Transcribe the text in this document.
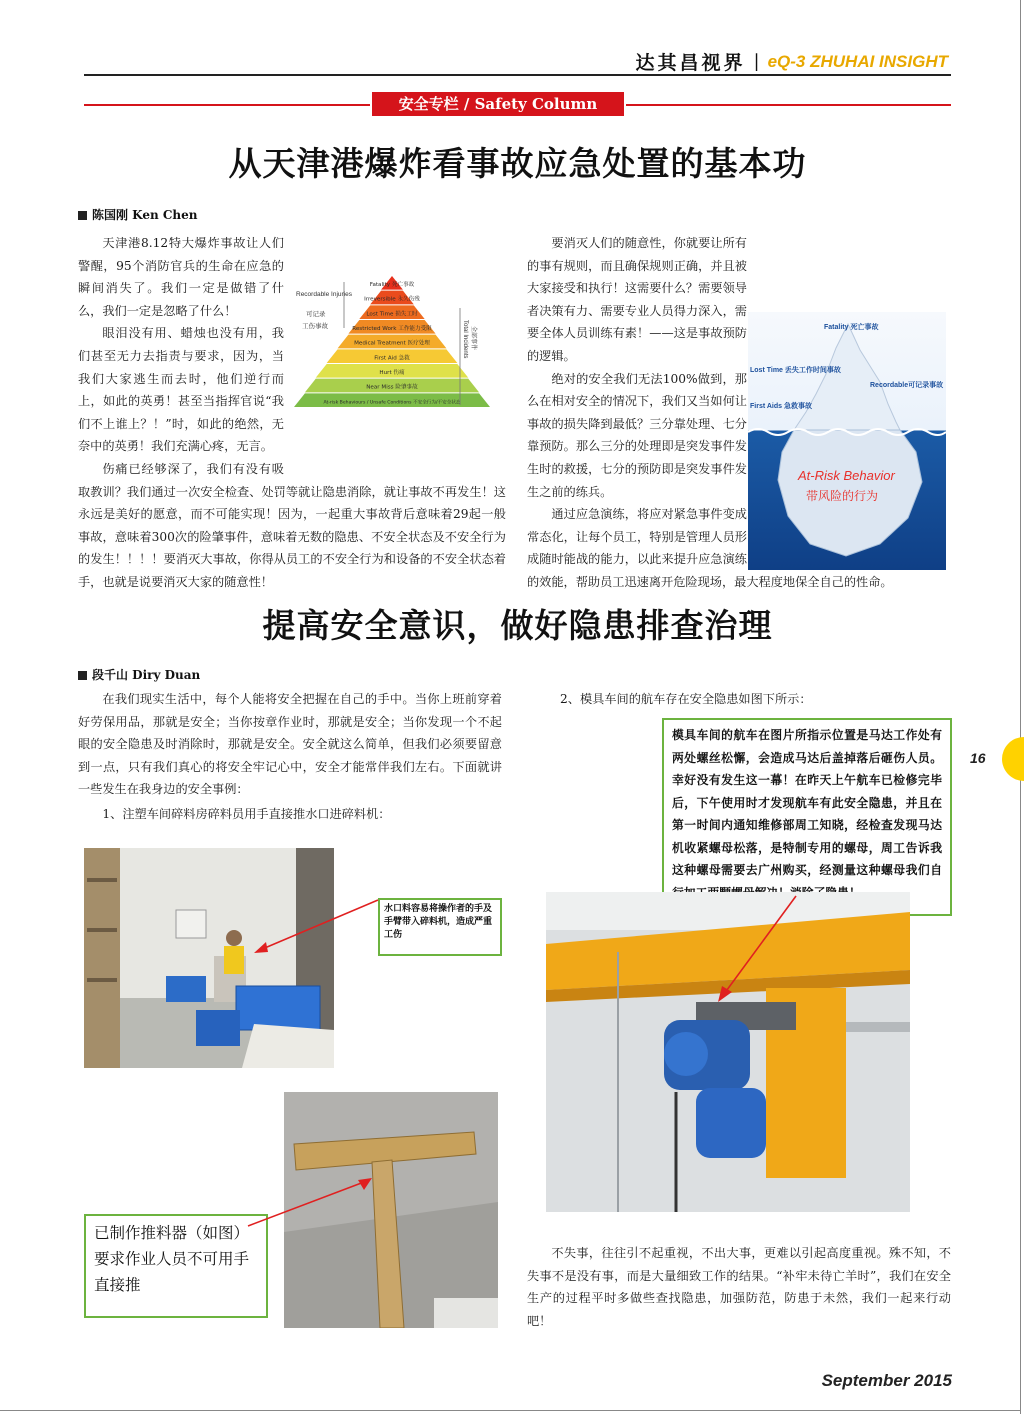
达其昌视界 | eQ-3 ZHUHAI INSIGHT
安全专栏 / Safety Column
从天津港爆炸看事故应急处置的基本功
陈国刚 Ken Chen
Fatality 死亡事故
Irreversible 永久伤残
Lost Time 损失工时
Restricted Work 工作能力受限
Medical Treatment 医疗处理
First Aid 急救
Hurt 伤痛
Near Miss 险肇事故
At-risk Behaviours / Unsafe Conditions 不安全行为/不安全状态
Recordable Injuries
可记录
工伤事故	Total Incidents 全部事件

天津港8.12特大爆炸事故让人们警醒，95个消防官兵的生命在应急的瞬间消失了。我们一定是做错了什么，我们一定是忽略了什么！

眼泪没有用、蜡烛也没有用，我们甚至无力去指责与要求，因为，当我们大家逃生而去时，他们逆行而上，如此的英勇！甚至当指挥官说“我们不上谁上？！”时，如此的绝然，无奈中的英勇！我们充满心疼，无言。

伤痛已经够深了，我们有没有吸取教训？我们通过一次安全检查、处罚等就让隐患消除，就让事故不再发生！这永远是美好的愿意，而不可能实现！因为，一起重大事故背后意味着29起一般事故，意味着300次的险肇事件，意味着无数的隐患、不安全状态及不安全行为的发生！！！！要消灭大事故，你得从员工的不安全行为和设备的不安全状态着手，也就是说要消灭大家的随意性！

要消灭人们的随意性，你就要让所有的事有规则，而且确保规则正确，并且被大家接受和执行！这需要什么？需要领导者决策有力、需要专业人员得力深入，需要全体人员训练有素！——这是事故预防的逻辑。

绝对的安全我们无法100%做到，那么在相对安全的情况下，我们又当如何让事故的损失降到最低？三分靠处理、七分靠预防。那么三分的处理即是突发事件发生时的救援，七分的预防即是突发事件发生之前的练兵。

通过应急演练，将应对紧急事件变成常态化，让每个员工，特别是管理人员形成随时能战的能力，以此来提升应急演练的效能，帮助员工迅速离开危险现场，最大程度地保全自己的性命。

Fatality 死亡事故
Lost Time 丢失工作时间事故
Recordable可记录事故
First Aids 急救事故
At-Risk Behavior
带风险的行为
提高安全意识，做好隐患排查治理
段千山 Diry Duan

在我们现实生活中，每个人能将安全把握在自己的手中。当你上班前穿着好劳保用品，那就是安全；当你按章作业时，那就是安全；当你发现一个不起眼的安全隐患及时消除时，那就是安全。安全就这么简单，但我们必须要留意到一点，只有我们真心的将安全牢记心中，安全才能常伴我们左右。下面就讲一些发生在我身边的安全事例：

1、注塑车间碎料房碎料员用手直接推水口进碎料机：

2、模具车间的航车存在安全隐患如图下所示：

水口料容易将操作者的手及手臂带入碎料机，造成严重工伤
已制作推料器（如图）要求作业人员不可用手直接推
模具车间的航车在图片所指示位置是马达工作处有两处螺丝松懈，会造成马达后盖掉落后砸伤人员。幸好没有发生这一幕！在昨天上午航车已检修完毕后，下午使用时才发现航车有此安全隐患，并且在第一时间内通知维修部周工知晓，经检查发现马达机收紧螺母松落，是特制专用的螺母，周工告诉我这种螺母需要去广州购买，经测量这种螺母我们自

不失事，往往引不起重视，不出大事，更难以引起高度重视。殊不知，不失事不是没有事，而是大量细致工作的结果。“补牢未待亡羊时”，我们在安全生产的过程平时多做些查找隐患，加强防范，防患于未然，我们一起来行动吧！

16
September 2015
